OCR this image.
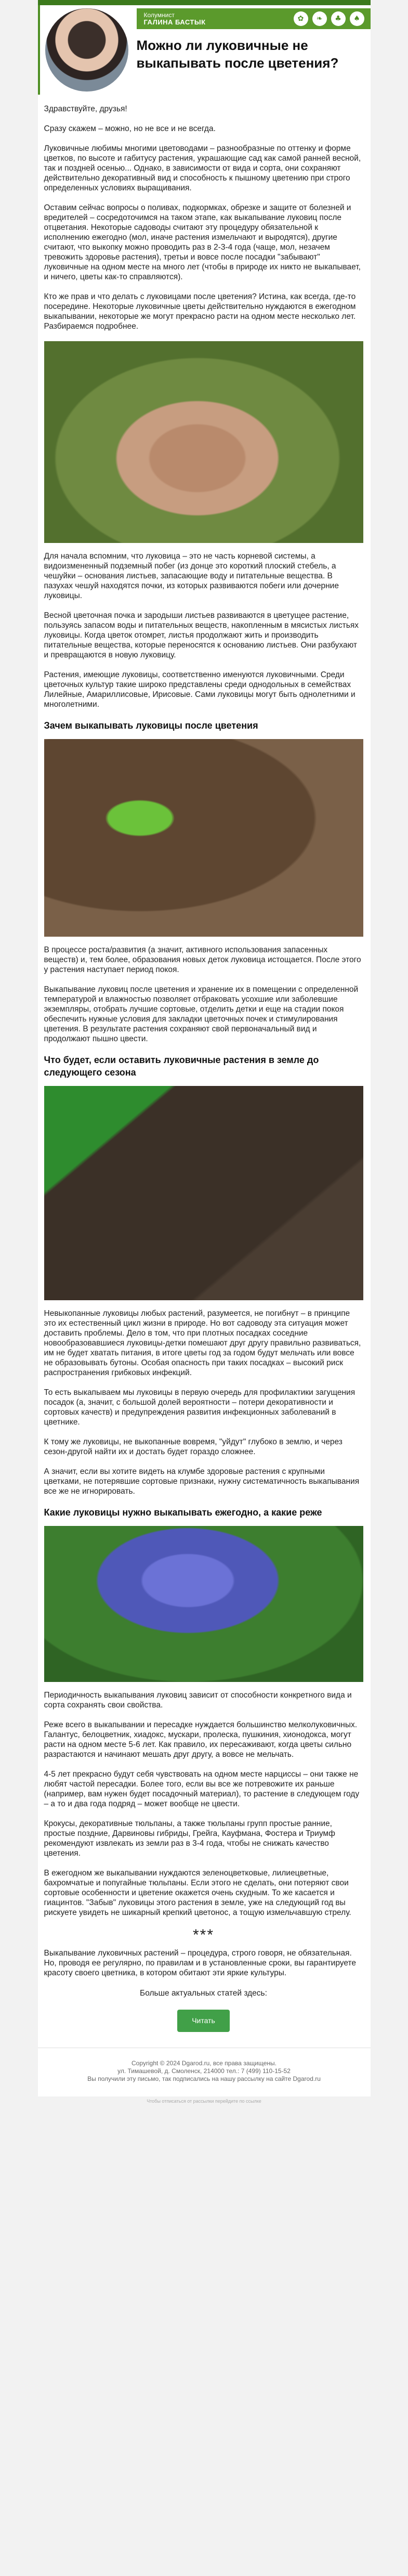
Колумнист
ГАЛИНА БАСТЫК	✿	❧	♣	♠
Можно ли луковичные не выкапывать после цветения?

Здравствуйте, друзья!

Сразу скажем – можно, но не все и не всегда.

Луковичные любимы многими цветоводами – разнообразные по оттенку и форме цветков, по высоте и габитусу растения, украшающие сад как самой ранней весной, так и поздней осенью... Однако, в зависимости от вида и сорта, они сохраняют действительно декоративный вид и способность к пышному цветению при строго определенных условиях выращивания.

Оставим сейчас вопросы о поливах, подкормках, обрезке и защите от болезней и вредителей – сосредоточимся на таком этапе, как выкапывание луковиц после отцветания. Некоторые садоводы считают эту процедуру обязательной к исполнению ежегодно (мол, иначе растения измельчают и выродятся), другие считают, что выкопку можно проводить раз в 2-3-4 года (чаще, мол, незачем тревожить здоровье растения), третьи и вовсе после посадки "забывают" луковичные на одном месте на много лет (чтобы в природе их никто не выкапывает, и ничего, цветы как-то справляются).

Кто же прав и что делать с луковицами после цветения? Истина, как всегда, где-то посередине. Некоторые луковичные цветы действительно нуждаются в ежегодном выкапывании, некоторые же могут прекрасно расти на одном месте несколько лет. Разбираемся подробнее.

Для начала вспомним, что луковица – это не часть корневой системы, а видоизмененный подземный побег (из донце это короткий плоский стебель, а чешуйки – основания листьев, запасающие воду и питательные вещества. В пазухах чешуй находятся почки, из которых развиваются побеги или дочерние луковицы.

Весной цветочная почка и зародыши листьев развиваются в цветущее растение, пользуясь запасом воды и питательных веществ, накопленным в мясистых листьях луковицы. Когда цветок отомрет, листья продолжают жить и производить питательные вещества, которые переносятся к основанию листьев. Они разбухают и превращаются в новую луковицу.

Растения, имеющие луковицы, соответственно именуются луковичными. Среди цветочных культур такие широко представлены среди однодольных в семействах Лилейные, Амариллисовые, Ирисовые. Сами луковицы могут быть однолетними и многолетними.

Зачем выкапывать луковицы после цветения

В процессе роста/развития (а значит, активного использования запасенных веществ) и, тем более, образования новых деток луковица истощается. После этого у растения наступает период покоя.

Выкапывание луковиц после цветения и хранение их в помещении с определенной температурой и влажностью позволяет отбраковать усохшие или заболевшие экземпляры, отобрать лучшие сортовые, отделить детки и еще на стадии покоя обеспечить нужные условия для закладки цветочных почек и стимулирования цветения. В результате растения сохраняют свой первоначальный вид и продолжают пышно цвести.

Что будет, если оставить луковичные растения в земле до следующего сезона

Невыкопанные луковицы любых растений, разумеется, не погибнут – в принципе это их естественный цикл жизни в природе. Но вот садоводу эта ситуация может доставить проблемы. Дело в том, что при плотных посадках соседние новообразовавшиеся луковицы-детки помешают друг другу правильно развиваться, им не будет хватать питания, в итоге цветы год за годом будут мельчать или вовсе не образовывать бутоны. Особая опасность при таких посадках – высокий риск распространения грибковых инфекций.

То есть выкапываем мы луковицы в первую очередь для профилактики загущения посадок (а, значит, с большой долей вероятности – потери декоративности и сортовых качеств) и предупреждения развития инфекционных заболеваний в цветнике.

К тому же луковицы, не выкопанные вовремя, "уйдут" глубоко в землю, и через сезон-другой найти их и достать будет гораздо сложнее.

А значит, если вы хотите видеть на клумбе здоровые растения с крупными цветками, не потерявшие сортовые признаки, нужну систематичность выкапывания все же не игнорировать.

Какие луковицы нужно выкапывать ежегодно, а какие реже

Периодичность выкапывания луковиц зависит от способности конкретного вида и сорта сохранять свои свойства.

Реже всего в выкапывании и пересадке нуждается большинство мелколуковичных. Галантус, белоцветник, хиадокс, мускари, пролеска, пушкиния, хионодокса, могут расти на одном месте 5-6 лет. Как правило, их пересаживают, когда цветы сильно разрастаются и начинают мешать друг другу, а вовсе не мельчать.

4-5 лет прекрасно будут себя чувствовать на одном месте нарциссы – они также не любят частой пересадки. Более того, если вы все же потревожите их раньше (например, вам нужен будет посадочный материал), то растение в следующем году – а то и два года подряд – может вообще не цвести.

Крокусы, декоративные тюльпаны, а также тюльпаны групп простые ранние, простые поздние, Дарвиновы гибриды, Грейга, Кауфмана, Фостера и Триумф рекомендуют извлекать из земли раз в 3-4 года, чтобы не снижать качество цветения.

В ежегодном же выкапывании нуждаются зеленоцветковые, лилиецветные, бахромчатые и попугайные тюльпаны. Если этого не сделать, они потеряют свои сортовые особенности и цветение окажется очень скудным. То же касается и гиацинтов. "Забыв" луковицы этого растения в земле, уже на следующий год вы рискуете увидеть не шикарный крепкий цветонос, а тощую измельчавшую стрелу.

***

Выкапывание луковичных растений – процедура, строго говоря, не обязательная. Но, проводя ее регулярно, по правилам и в установленные сроки, вы гарантируете красоту своего цветника, в котором обитают эти яркие культуры.

Больше актуальных статей здесь:
Читать
Copyright © 2024 Dgarod.ru, все права защищены.
ул. Тимашевой, д. Смоленск, 214000 тел.: 7 (499) 110-15-52
Вы получили эту письмо, так подписались на нашу рассылку на сайте Dgarod.ru
Чтобы отписаться от рассылки перейдите по ссылке
